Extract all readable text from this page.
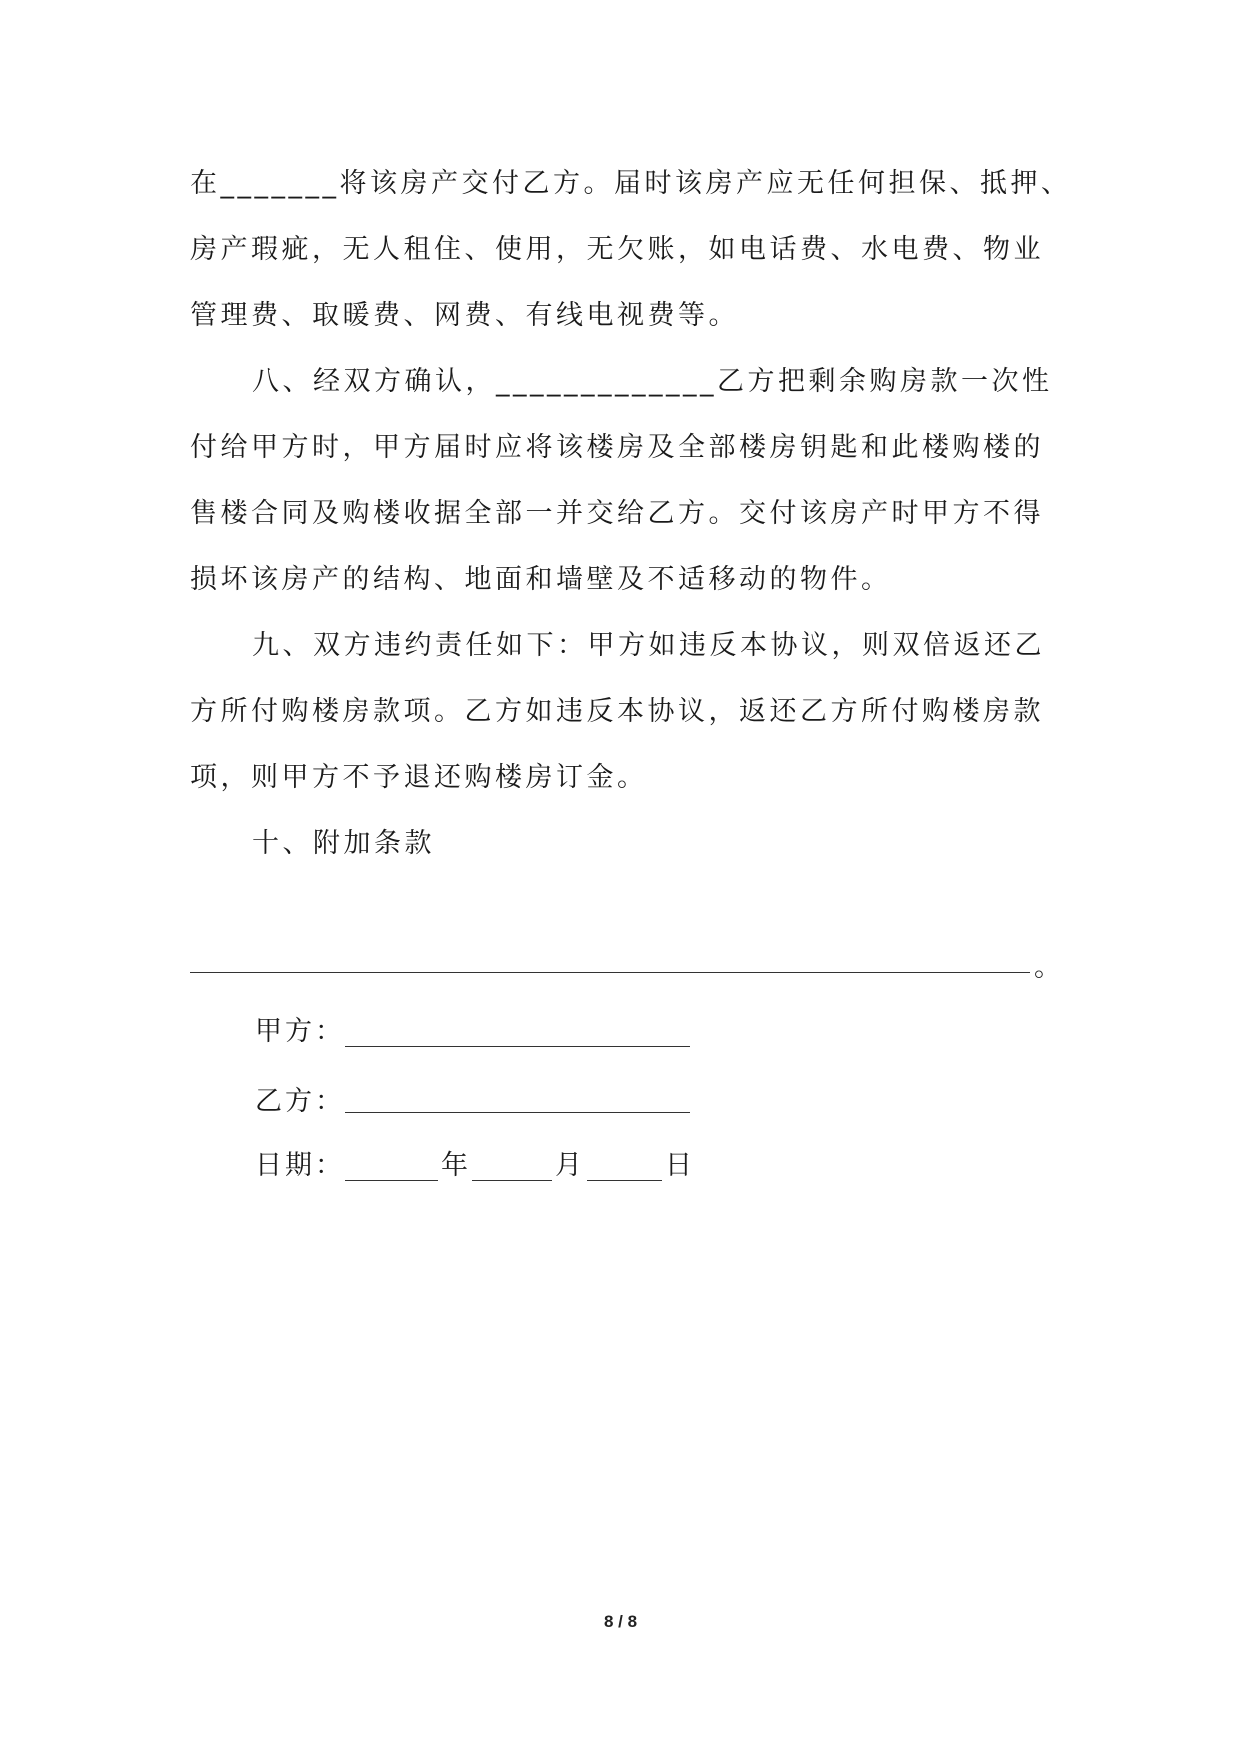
在_______将该房产交付乙方。届时该房产应无任何担保、抵押、
房产瑕疵，无人租住、使用，无欠账，如电话费、水电费、物业
管理费、取暖费、网费、有线电视费等。
八、经双方确认，_____________乙方把剩余购房款一次性
付给甲方时，甲方届时应将该楼房及全部楼房钥匙和此楼购楼的
售楼合同及购楼收据全部一并交给乙方。交付该房产时甲方不得
损坏该房产的结构、地面和墙壁及不适移动的物件。
九、双方违约责任如下：甲方如违反本协议，则双倍返还乙
方所付购楼房款项。乙方如违反本协议，返还乙方所付购楼房款
项，则甲方不予退还购楼房订金。
十、附加条款
。
甲方：
乙方：
日期：	年	月	日
8 / 8
